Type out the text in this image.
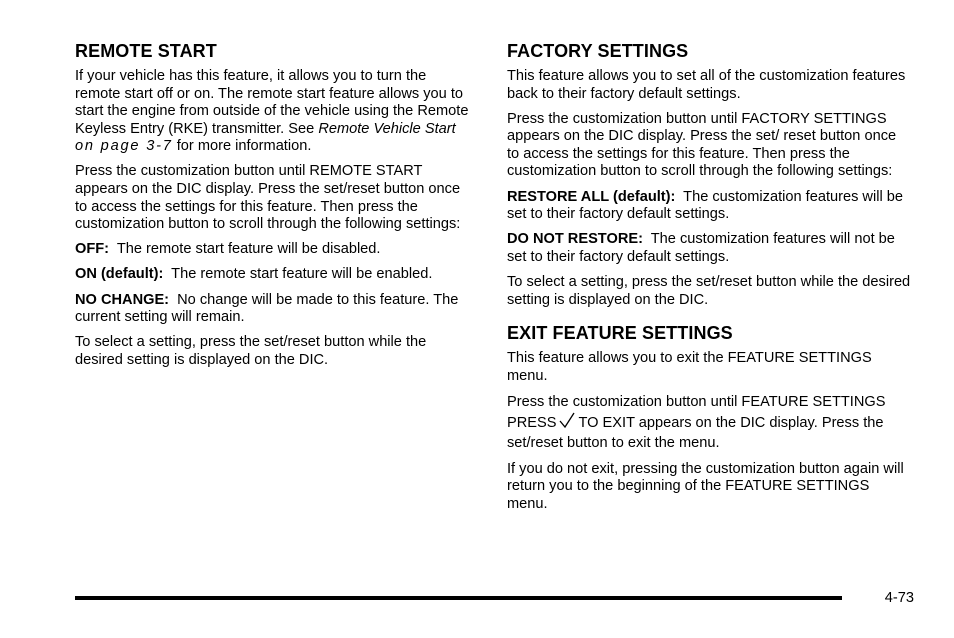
REMOTE START

If your vehicle has this feature, it allows you to turn the remote start off or on. The remote start feature allows you to start the engine from outside of the vehicle using the Remote Keyless Entry (RKE) transmitter. See Remote Vehicle Start on page 3-7 for more information.

Press the customization button until REMOTE START appears on the DIC display. Press the set/reset button once to access the settings for this feature. Then press the customization button to scroll through the following settings:

OFF: The remote start feature will be disabled.

ON (default): The remote start feature will be enabled.

NO CHANGE: No change will be made to this feature. The current setting will remain.

To select a setting, press the set/reset button while the desired setting is displayed on the DIC.

FACTORY SETTINGS

This feature allows you to set all of the customization features back to their factory default settings.

Press the customization button until FACTORY SETTINGS appears on the DIC display. Press the set/ reset button once to access the settings for this feature. Then press the customization button to scroll through the following settings:

RESTORE ALL (default): The customization features will be set to their factory default settings.

DO NOT RESTORE: The customization features will not be set to their factory default settings.

To select a setting, press the set/reset button while the desired setting is displayed on the DIC.

EXIT FEATURE SETTINGS

This feature allows you to exit the FEATURE SETTINGS menu.

Press the customization button until FEATURE SETTINGS PRESS TO EXIT appears on the DIC display. Press the set/reset button to exit the menu.

If you do not exit, pressing the customization button again will return you to the beginning of the FEATURE SETTINGS menu.

4-73
